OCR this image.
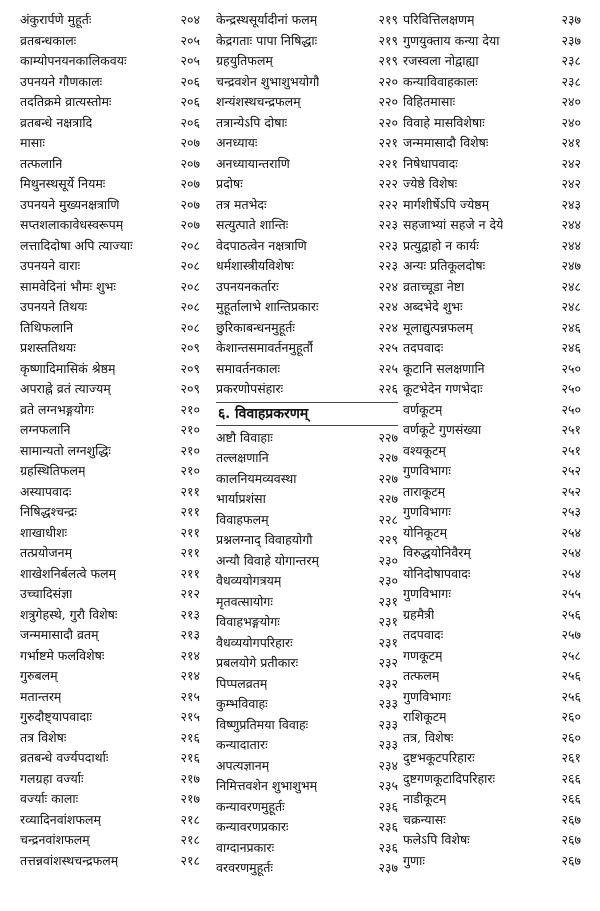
अंकुरार्पणे मुहूर्तः	२०४
व्रतबन्धकालः	२०५
काम्योपनयनकालिकवयः	२०५
उपनयने गौणकालः	२०६
तदतिक्रमे व्रात्यस्तोमः	२०६
व्रतबन्धे नक्षत्रादि	२०६
मासाः	२०७
तत्फलानि	२०७
मिथुनस्थसूर्ये नियमः	२०७
उपनयने मुख्यनक्षत्राणि	२०७
सप्तशलाकावेधस्वरूपम्	२०७
लत्तादिदोषा अपि त्याज्याः	२०८
उपनयने वाराः	२०८
सामवेदिनां भौमः शुभः	२०८
उपनयने तिथयः	२०८
तिथिफलानि	२०८
प्रशस्ततिथयः	२०९
कृष्णादिमासिकं श्रेष्ठम्	२०९
अपराह्ने व्रतं त्याज्यम्	२०९
व्रते लग्नभङ्गयोगः	२१०
लग्नफलानि	२१०
सामान्यतो लग्नशुद्धिः	२१०
ग्रहस्थितिफलम्	२१०
अस्यापवादः	२११
निषिद्धश्चन्द्रः	२११
शाखाधीशः	२११
तत्प्रयोजनम्	२११
शाखेशनिर्बलत्वे फलम्	२११
उच्चादिसंज्ञा	२१२
शत्रुगेहस्थे, गुरौ विशेषः	२१३
जन्ममासादौ व्रतम्	२१३
गर्भाष्टमे फलविशेषः	२१४
गुरुबलम्	२१४
मतान्तरम्	२१५
गुरुदौष्ट्यापवादाः	२१५
तत्र विशेषः	२१६
व्रतबन्धे वर्ज्यपदार्थाः	२१६
गलग्रहा वर्ज्याः	२१७
वर्ज्याः कालाः	२१७
रव्यादिनवांशफलम्	२१८
चन्द्रनवांशफलम्	२१८
तत्तन्नवांशस्थचन्द्रफलम्	२१८
केन्द्रस्थसूर्यादीनां फलम्	२१९
केद्रगताः पापा निषिद्धाः	२१९
ग्रहयुतिफलम्	२१९
चन्द्रवशेन शुभाशुभयोगौ	२२०
शन्यंशस्थचन्द्रफलम्	२२०
तत्रान्येऽपि दोषाः	२२०
अनध्यायः	२२१
अनध्यायान्तराणि	२२१
प्रदोषः	२२२
तत्र मतभेदः	२२२
सत्युत्पाते शान्तिः	२२३
वेदपाठत्वेन नक्षत्राणि	२२३
धर्मशास्त्रीयविशेषः	२२३
उपनयनकर्तारः	२२४
मुहूर्तालाभे शान्तिप्रकारः	२२४
छुरिकाबन्धनमुहूर्तः	२२४
केशान्तसमावर्तनमुहूर्तौ	२२५
समावर्तनकालः	२२५
प्रकरणोपसंहारः	२२६
६. विवाहप्रकरणम्
अष्टौ विवाहाः	२२७
तल्लक्षणानि	२२७
कालनियमव्यवस्था	२२७
भार्याप्रशंसा	२२७
विवाहफलम्	२२८
प्रश्नलग्नाद् विवाहयोगौ	२२९
अन्यौ विवाहे योगान्तरम्	२३०
वैधव्ययोगत्रयम्	२३०
मृतवत्सायोगः	२३१
विवाहभङ्गयोगः	२३१
वैधव्ययोगपरिहारः	२३१
प्रबलयोगे प्रतीकारः	२३२
पिप्पलव्रतम्	२३२
कुम्भविवाहः	२३३
विष्णुप्रतिमया विवाहः	२३३
कन्यादातारः	२३३
अपत्यज्ञानम्	२३४
निमित्तवशेन शुभाशुभम्	२३५
कन्यावरणमुहूर्तः	२३६
कन्यावरणप्रकारः	२३६
वाग्दानप्रकारः	२३६
वरवरणमुहूर्तः	२३७
परिवित्तिलक्षणम्	२३७
गुणयुक्ताय कन्या देया	२३७
रजस्वला नोद्वाह्या	२३८
कन्याविवाहकालः	२३८
विहितमासाः	२४०
विवाहे मासविशेषाः	२४०
जन्ममासादौ विशेषः	२४१
निषेधापवादः	२४२
ज्येष्ठे विशेषः	२४२
मार्गशीर्षेऽपि ज्येष्ठम्	२४३
सहजाभ्यां सहजे न देये	२४४
प्रत्युद्वाहो न कार्यः	२४४
अन्यः प्रतिकूलदोषः	२४७
व्रताच्चूडा नेष्टा	२४८
अब्दभेदे शुभः	२४८
मूलाद्युत्पन्नफलम्	२४६
तदपवादः	२४६
कूटानि सलक्षणानि	२५०
कूटभेदेन गणभेदाः	२५०
वर्णकूटम्	२५०
वर्णकूटे गुणसंख्या	२५१
वश्यकूटम्	२५१
गुणविभागः	२५२
ताराकूटम्	२५२
गुणविभागः	२५३
योनिकूटम्	२५४
विरुद्धयोनिवैरम्	२५४
योनिदोषापवादः	२५४
गुणविभागः	२५५
ग्रहमैत्री	२५६
तदपवादः	२५७
गणकूटम्	२५८
तत्फलम्	२५६
गुणविभागः	२५६
राशिकूटम्	२६०
तत्र, विशेषः	२६०
दुष्टभकूटपरिहारः	२६१
दुष्टगणकूटादिपरिहारः	२६६
नाडीकूटम्	२६६
चक्रन्यासः	२६७
फलेऽपि विशेषः	२६७
गुणाः	२६७
